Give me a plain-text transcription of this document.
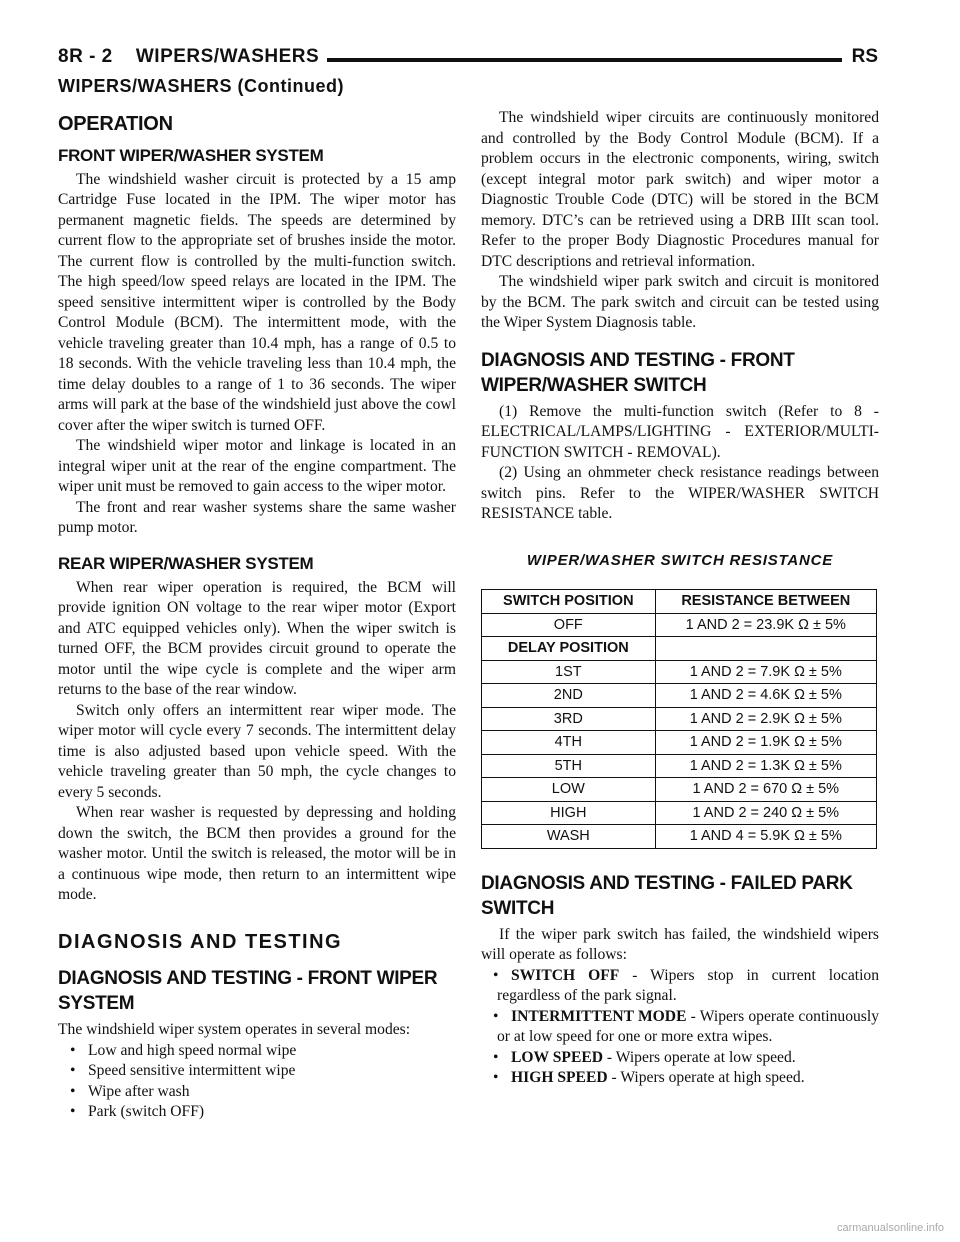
8R - 2    WIPERS/WASHERS	RS
WIPERS/WASHERS (Continued)
OPERATION
FRONT WIPER/WASHER SYSTEM

The windshield washer circuit is protected by a 15 amp Cartridge Fuse located in the IPM. The wiper motor has permanent magnetic fields. The speeds are determined by current flow to the appropriate set of brushes inside the motor. The current flow is controlled by the multi-function switch. The high speed/low speed relays are located in the IPM. The speed sensitive intermittent wiper is controlled by the Body Control Module (BCM). The intermittent mode, with the vehicle traveling greater than 10.4 mph, has a range of 0.5 to 18 seconds. With the vehicle traveling less than 10.4 mph, the time delay doubles to a range of 1 to 36 seconds. The wiper arms will park at the base of the windshield just above the cowl cover after the wiper switch is turned OFF.

The windshield wiper motor and linkage is located in an integral wiper unit at the rear of the engine compartment. The wiper unit must be removed to gain access to the wiper motor.

The front and rear washer systems share the same washer pump motor.

REAR WIPER/WASHER SYSTEM

When rear wiper operation is required, the BCM will provide ignition ON voltage to the rear wiper motor (Export and ATC equipped vehicles only). When the wiper switch is turned OFF, the BCM provides circuit ground to operate the motor until the wipe cycle is complete and the wiper arm returns to the base of the rear window.

Switch only offers an intermittent rear wiper mode. The wiper motor will cycle every 7 seconds. The intermittent delay time is also adjusted based upon vehicle speed. With the vehicle traveling greater than 50 mph, the cycle changes to every 5 seconds.

When rear washer is requested by depressing and holding down the switch, the BCM then provides a ground for the washer motor. Until the switch is released, the motor will be in a continuous wipe mode, then return to an intermittent wipe mode.

DIAGNOSIS AND TESTING
DIAGNOSIS AND TESTING - FRONT WIPER SYSTEM

The windshield wiper system operates in several modes:

• Low and high speed normal wipe
• Speed sensitive intermittent wipe
• Wipe after wash
• Park (switch OFF)

The windshield wiper circuits are continuously monitored and controlled by the Body Control Module (BCM). If a problem occurs in the electronic components, wiring, switch (except integral motor park switch) and wiper motor a Diagnostic Trouble Code (DTC) will be stored in the BCM memory. DTC’s can be retrieved using a DRB IIIt scan tool. Refer to the proper Body Diagnostic Procedures manual for DTC descriptions and retrieval information.

The windshield wiper park switch and circuit is monitored by the BCM. The park switch and circuit can be tested using the Wiper System Diagnosis table.

DIAGNOSIS AND TESTING - FRONT WIPER/WASHER SWITCH

(1) Remove the multi-function switch (Refer to 8 - ELECTRICAL/LAMPS/LIGHTING - EXTERIOR/MULTI-FUNCTION SWITCH - REMOVAL).

(2) Using an ohmmeter check resistance readings between switch pins. Refer to the WIPER/WASHER SWITCH RESISTANCE table.

WIPER/WASHER SWITCH RESISTANCE
SWITCH POSITION	RESISTANCE BETWEEN
OFF	1 AND 2 = 23.9K Ω ± 5%
DELAY POSITION	
1ST	1 AND 2 = 7.9K Ω ± 5%
2ND	1 AND 2 = 4.6K Ω ± 5%
3RD	1 AND 2 = 2.9K Ω ± 5%
4TH	1 AND 2 = 1.9K Ω ± 5%
5TH	1 AND 2 = 1.3K Ω ± 5%
LOW	1 AND 2 = 670 Ω ± 5%
HIGH	1 AND 2 = 240 Ω ± 5%
WASH	1 AND 4 = 5.9K Ω ± 5%
DIAGNOSIS AND TESTING - FAILED PARK SWITCH

If the wiper park switch has failed, the windshield wipers will operate as follows:

• SWITCH OFF - Wipers stop in current location regardless of the park signal.
• INTERMITTENT MODE - Wipers operate continuously or at low speed for one or more extra wipes.
• LOW SPEED - Wipers operate at low speed.
• HIGH SPEED - Wipers operate at high speed.
carmanualsonline.info
